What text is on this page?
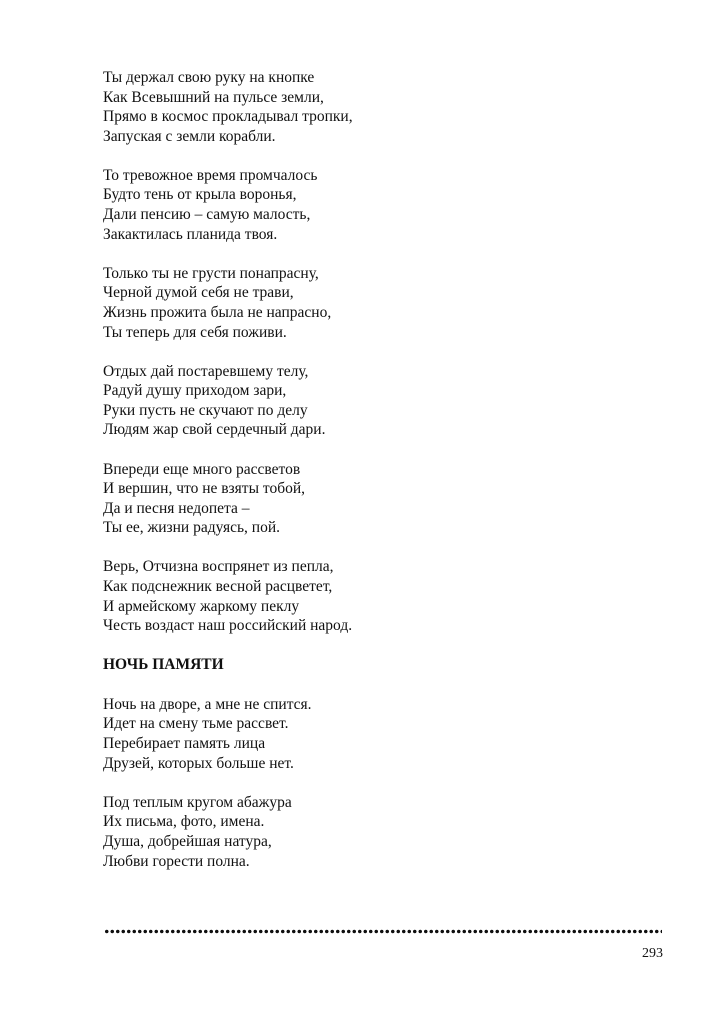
Ты держал свою руку на кнопке
Как Всевышний на пульсе земли,
Прямо в космос прокладывал тропки,
Запуская с земли корабли.
То тревожное время промчалось
Будто тень от крыла воронья,
Дали пенсию – самую малость,
Закактилась планида твоя.
Только ты не грусти понапрасну,
Черной думой себя не трави,
Жизнь прожита была не напрасно,
Ты теперь для себя поживи.
Отдых дай постаревшему телу,
Радуй душу приходом зари,
Руки пусть не скучают по делу
Людям жар свой сердечный дари.
Впереди еще много рассветов
И вершин, что не взяты тобой,
Да и песня недопета –
Ты ее, жизни радуясь, пой.
Верь, Отчизна воспрянет из пепла,
Как подснежник весной расцветет,
И армейскому жаркому пеклу
Честь воздаст наш российский народ.
НОЧЬ ПАМЯТИ
Ночь на дворе, а мне не спится.
Идет на смену тьме рассвет.
Перебирает память лица
Друзей, которых больше нет.
Под теплым кругом абажура
Их письма, фото, имена.
Душа, добрейшая натура,
Любви горести полна.
293
